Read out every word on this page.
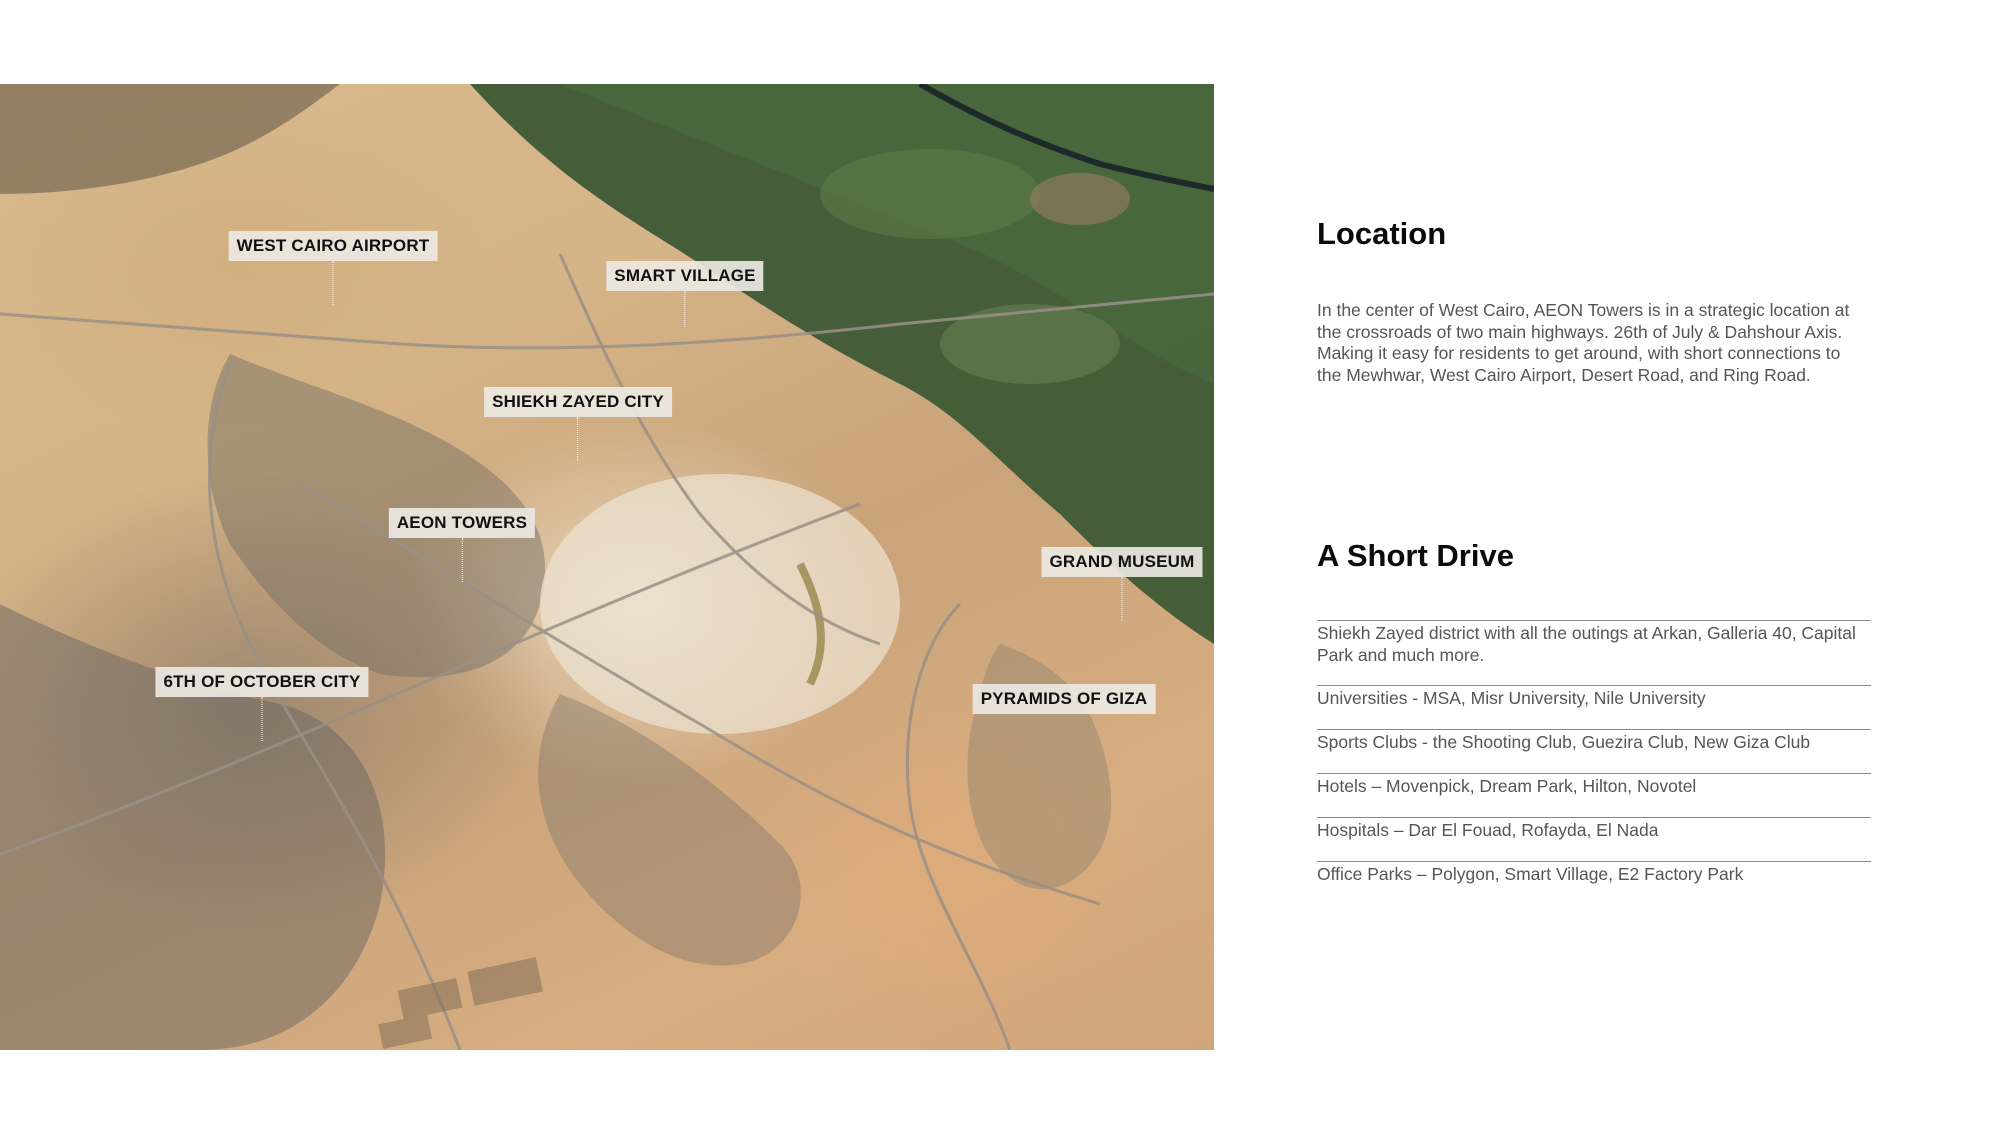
WEST CAIRO AIRPORT
SMART VILLAGE
SHIEKH ZAYED CITY
AEON TOWERS
GRAND MUSEUM
6TH OF OCTOBER CITY
PYRAMIDS OF GIZA
Location

In the center of West Cairo, AEON Towers is in a strategic location at the crossroads of two main highways. 26th of July & Dahshour Axis. Making it easy for residents to get around, with short connections to the Mewhwar, West Cairo Airport, Desert Road, and Ring Road.

A Short Drive
Shiekh Zayed district with all the outings at Arkan, Galleria 40, Capital Park and much more.
Universities - MSA, Misr University, Nile University
Sports Clubs - the Shooting Club, Guezira Club, New Giza Club
Hotels – Movenpick, Dream Park, Hilton, Novotel
Hospitals – Dar El Fouad, Rofayda, El Nada
Office Parks – Polygon, Smart Village, E2 Factory Park
